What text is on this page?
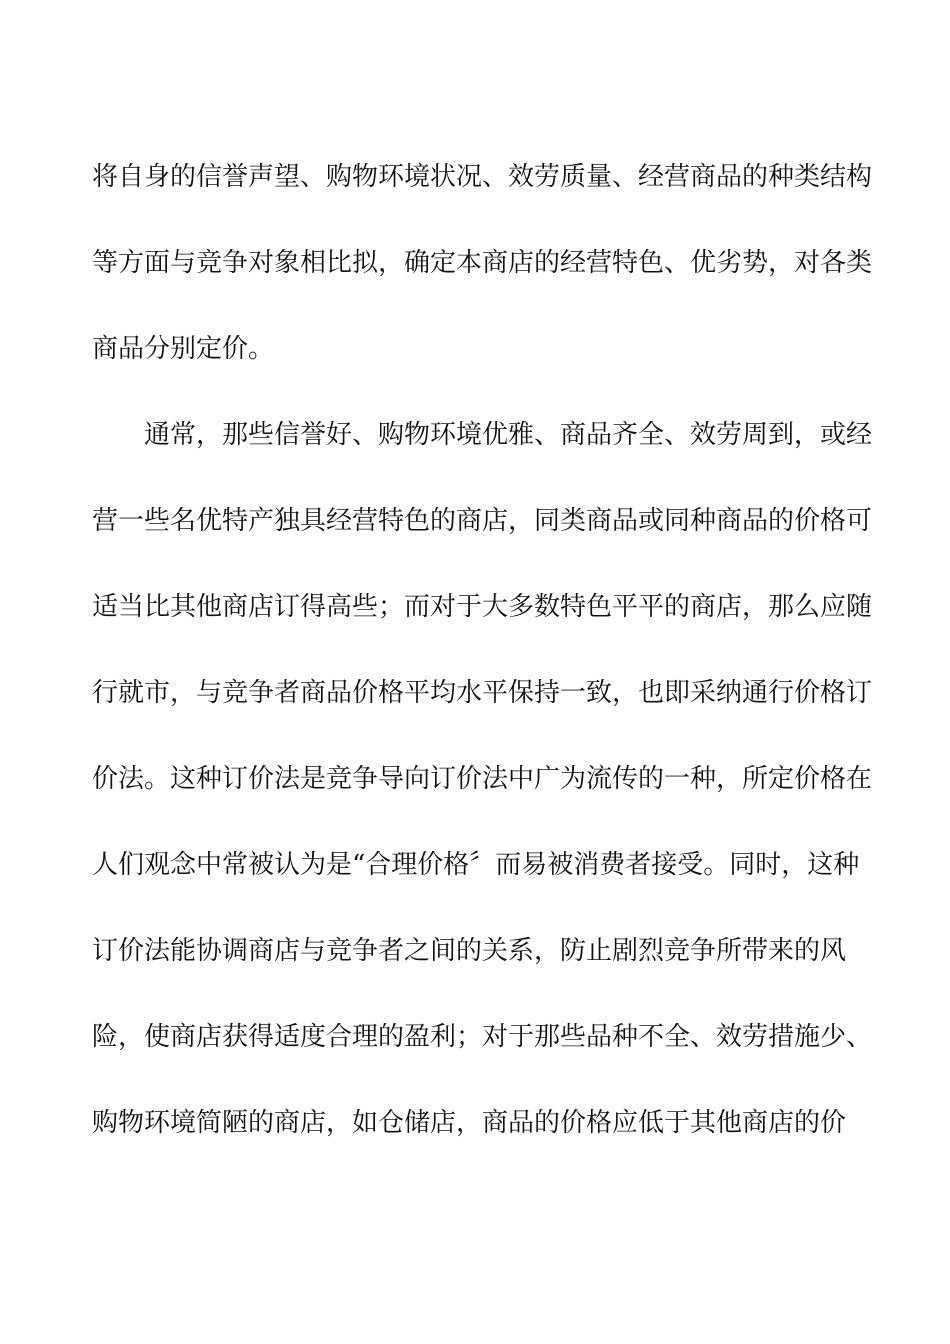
将自身的信誉声望、购物环境状况、效劳质量、经营商品的种类结构
等方面与竞争对象相比拟，确定本商店的经营特色、优劣势，对各类
商品分别定价。
通常，那些信誉好、购物环境优雅、商品齐全、效劳周到，或经
营一些名优特产独具经营特色的商店，同类商品或同种商品的价格可
适当比其他商店订得高些；而对于大多数特色平平的商店，那么应随
行就市，与竞争者商品价格平均水平保持一致，也即采纳通行价格订
价法。这种订价法是竞争导向订价法中广为流传的一种，所定价格在
人们观念中常被认为是“合理价格〞而易被消费者接受。同时，这种
订价法能协调商店与竞争者之间的关系，防止剧烈竞争所带来的风
险，使商店获得适度合理的盈利；对于那些品种不全、效劳措施少、
购物环境简陋的商店，如仓储店，商品的价格应低于其他商店的价
